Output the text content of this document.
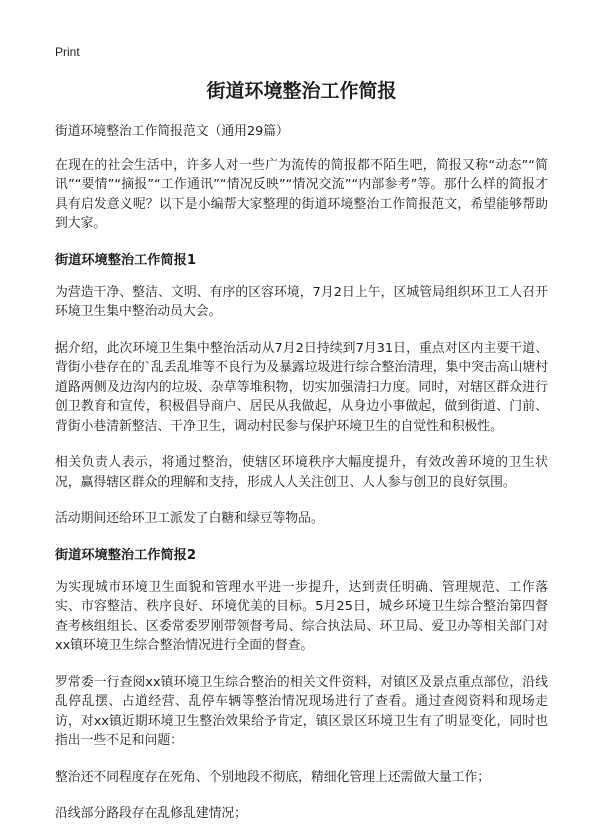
Print
街道环境整治工作简报

街道环境整治工作简报范文（通用29篇）

在现在的社会生活中，许多人对一些广为流传的简报都不陌生吧，简报又称“动态”“简讯”“要情”“摘报”“工作通讯”“情况反映”“情况交流”“内部参考”等。那什么样的简报才具有启发意义呢？以下是小编帮大家整理的街道环境整治工作简报范文，希望能够帮助到大家。

街道环境整治工作简报1

为营造干净、整洁、文明、有序的区容环境，7月2日上午，区城管局组织环卫工人召开环境卫生集中整治动员大会。

据介绍，此次环境卫生集中整治活动从7月2日持续到7月31日，重点对区内主要干道、背街小巷存在的`乱丢乱堆等不良行为及暴露垃圾进行综合整治清理，集中突击高山塘村道路两侧及边沟内的垃圾、杂草等堆积物，切实加强清扫力度。同时，对辖区群众进行创卫教育和宣传，积极倡导商户、居民从我做起，从身边小事做起，做到街道、门前、背街小巷清新整洁、干净卫生，调动村民参与保护环境卫生的自觉性和积极性。

相关负责人表示，将通过整治，使辖区环境秩序大幅度提升，有效改善环境的卫生状况，赢得辖区群众的理解和支持，形成人人关注创卫、人人参与创卫的良好氛围。

活动期间还给环卫工派发了白糖和绿豆等物品。

街道环境整治工作简报2

为实现城市环境卫生面貌和管理水平进一步提升，达到责任明确、管理规范、工作落实、市容整洁、秩序良好、环境优美的目标。5月25日，城乡环境卫生综合整治第四督查考核组组长、区委常委罗刚带领督考局、综合执法局、环卫局、爱卫办等相关部门对xx镇环境卫生综合整治情况进行全面的督查。

罗常委一行查阅xx镇环境卫生综合整治的相关文件资料，对镇区及景点重点部位，沿线乱停乱摆、占道经营、乱停车辆等整治情况现场进行了查看。通过查阅资料和现场走访，对xx镇近期环境卫生整治效果给予肯定，镇区景区环境卫生有了明显变化，同时也指出一些不足和问题：

整治还不同程度存在死角、个别地段不彻底，精细化管理上还需做大量工作；

沿线部分路段存在乱修乱建情况；
